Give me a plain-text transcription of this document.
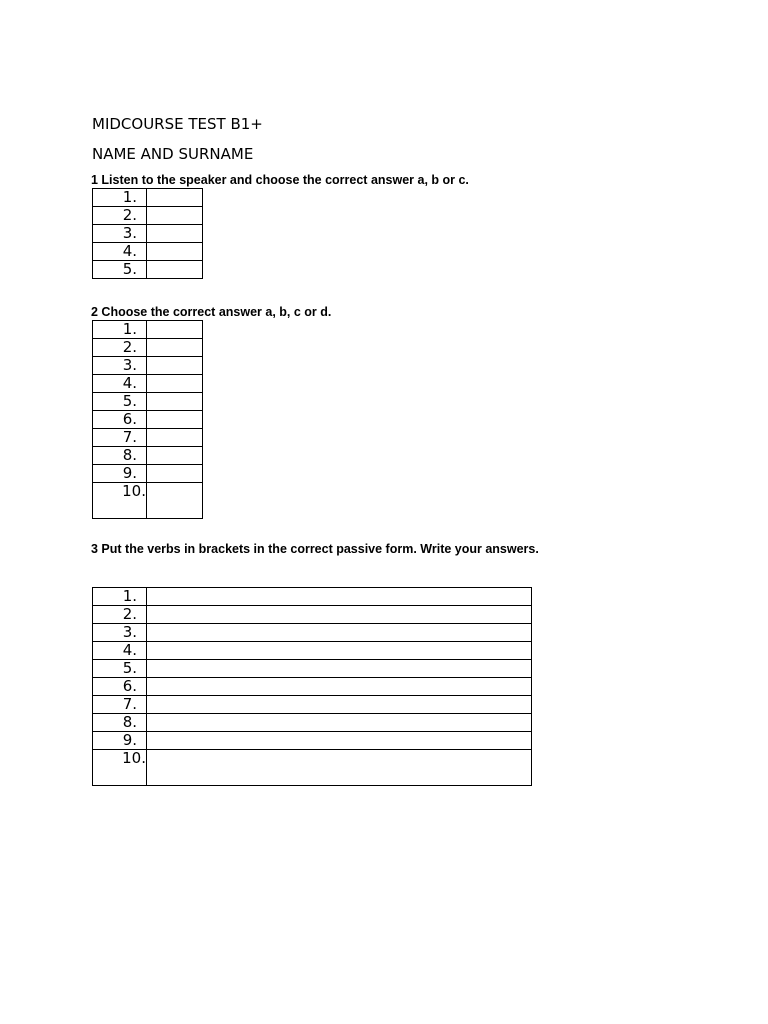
MIDCOURSE TEST B1+

NAME AND SURNAME

1 Listen to the speaker and choose the correct answer a, b or c.

1.	
2.	
3.	
4.	
5.	

2 Choose the correct answer a, b, c or d.

1.	
2.	
3.	
4.	
5.	
6.	
7.	
8.	
9.	
10.	

3 Put the verbs in brackets in the correct passive form. Write your answers.

1.	
2.	
3.	
4.	
5.	
6.	
7.	
8.	
9.	
10.	
